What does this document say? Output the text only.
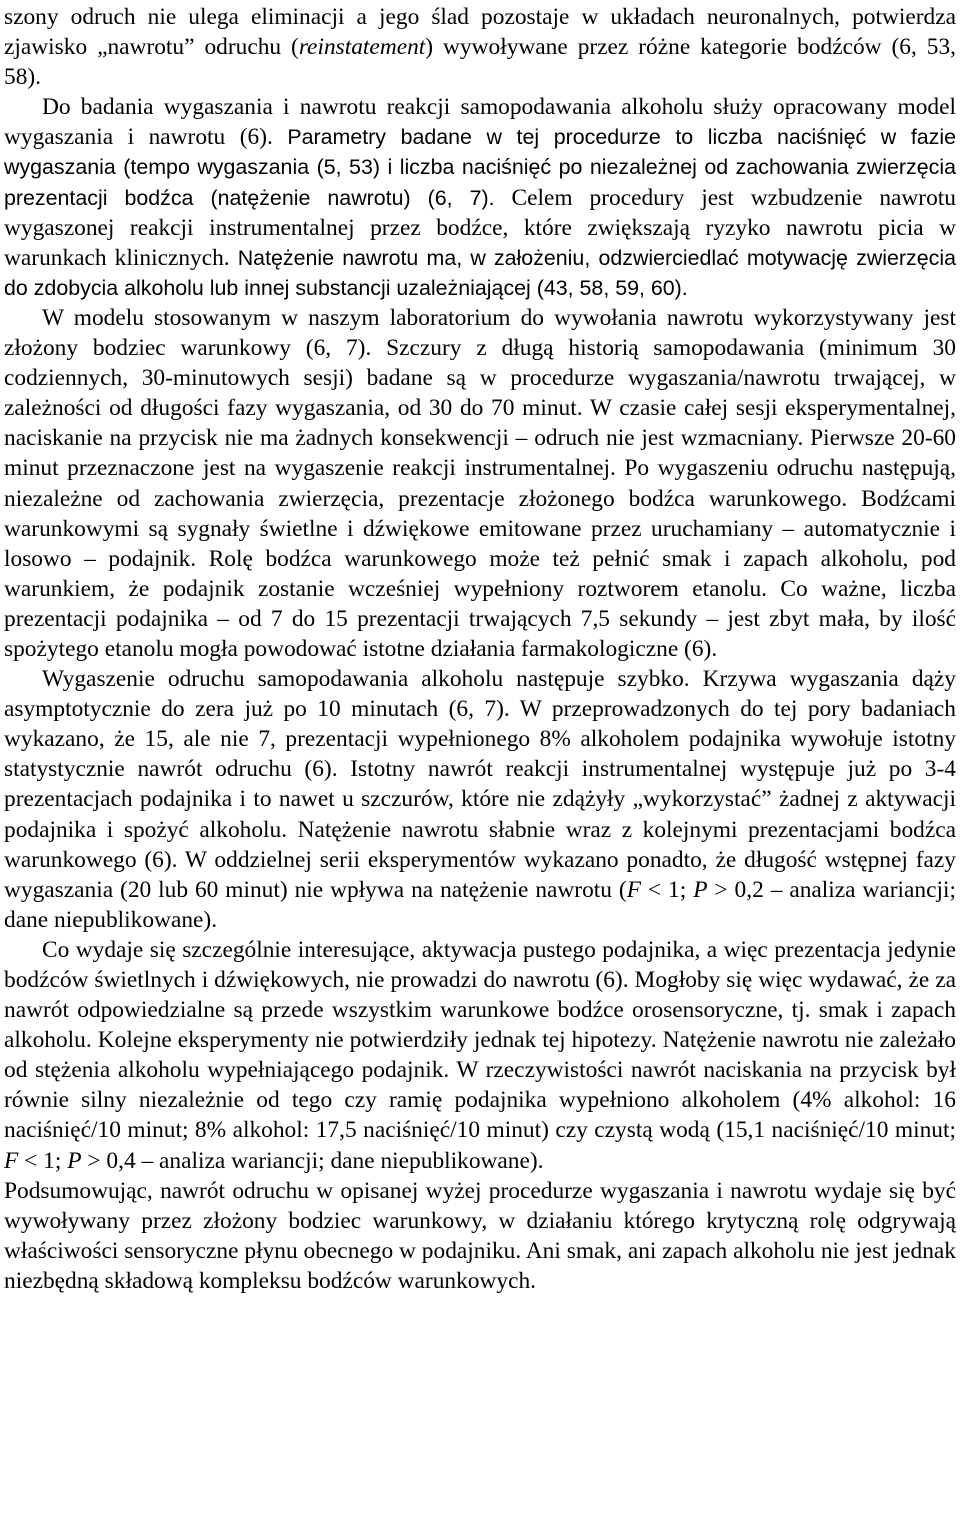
szony odruch nie ulega eliminacji a jego ślad pozostaje w układach neuronalnych, potwierdza zjawisko „nawrotu” odruchu (reinstatement) wywoływane przez różne kategorie bodźców (6, 53, 58).

Do badania wygaszania i nawrotu reakcji samopodawania alkoholu służy opracowany model wygaszania i nawrotu (6). Parametry badane w tej procedurze to liczba naciśnięć w fazie wygaszania (tempo wygaszania (5, 53) i liczba naciśnięć po niezależnej od zachowania zwierzęcia prezentacji bodźca (natężenie nawrotu) (6, 7). Celem procedury jest wzbudzenie nawrotu wygaszonej reakcji instrumentalnej przez bodźce, które zwiększają ryzyko nawrotu picia w warunkach klinicznych. Natężenie nawrotu ma, w założeniu, odzwierciedlać motywację zwierzęcia do zdobycia alkoholu lub innej substancji uzależniającej (43, 58, 59, 60).

W modelu stosowanym w naszym laboratorium do wywołania nawrotu wykorzystywany jest złożony bodziec warunkowy (6, 7). Szczury z długą historią samopodawania (minimum 30 codziennych, 30-minutowych sesji) badane są w procedurze wygaszania/nawrotu trwającej, w zależności od długości fazy wygaszania, od 30 do 70 minut. W czasie całej sesji eksperymentalnej, naciskanie na przycisk nie ma żadnych konsekwencji – odruch nie jest wzmacniany. Pierwsze 20-60 minut przeznaczone jest na wygaszenie reakcji instrumentalnej. Po wygaszeniu odruchu następują, niezależne od zachowania zwierzęcia, prezentacje złożonego bodźca warunkowego. Bodźcami warunkowymi są sygnały świetlne i dźwiękowe emitowane przez uruchamiany – automatycznie i losowo – podajnik. Rolę bodźca warunkowego może też pełnić smak i zapach alkoholu, pod warunkiem, że podajnik zostanie wcześniej wypełniony roztworem etanolu. Co ważne, liczba prezentacji podajnika – od 7 do 15 prezentacji trwających 7,5 sekundy – jest zbyt mała, by ilość spożytego etanolu mogła powodować istotne działania farmakologiczne (6).

Wygaszenie odruchu samopodawania alkoholu następuje szybko. Krzywa wygaszania dąży asymptotycznie do zera już po 10 minutach (6, 7). W przeprowadzonych do tej pory badaniach wykazano, że 15, ale nie 7, prezentacji wypełnionego 8% alkoholem podajnika wywołuje istotny statystycznie nawrót odruchu (6). Istotny nawrót reakcji instrumentalnej występuje już po 3-4 prezentacjach podajnika i to nawet u szczurów, które nie zdążyły „wykorzystać” żadnej z aktywacji podajnika i spożyć alkoholu. Natężenie nawrotu słabnie wraz z kolejnymi prezentacjami bodźca warunkowego (6). W oddzielnej serii eksperymentów wykazano ponadto, że długość wstępnej fazy wygaszania (20 lub 60 minut) nie wpływa na natężenie nawrotu (F < 1; P > 0,2 – analiza wariancji; dane niepublikowane).

Co wydaje się szczególnie interesujące, aktywacja pustego podajnika, a więc prezentacja jedynie bodźców świetlnych i dźwiękowych, nie prowadzi do nawrotu (6). Mogłoby się więc wydawać, że za nawrót odpowiedzialne są przede wszystkim warunkowe bodźce orosensoryczne, tj. smak i zapach alkoholu. Kolejne eksperymenty nie potwierdziły jednak tej hipotezy. Natężenie nawrotu nie zależało od stężenia alkoholu wypełniającego podajnik. W rzeczywistości nawrót naciskania na przycisk był równie silny niezależnie od tego czy ramię podajnika wypełniono alkoholem (4% alkohol: 16 naciśnięć/10 minut; 8% alkohol: 17,5 naciśnięć/10 minut) czy czystą wodą (15,1 naciśnięć/10 minut; F < 1; P > 0,4 – analiza wariancji; dane niepublikowane).

Podsumowując, nawrót odruchu w opisanej wyżej procedurze wygaszania i nawrotu wydaje się być wywoływany przez złożony bodziec warunkowy, w działaniu którego krytyczną rolę odgrywają właściwości sensoryczne płynu obecnego w podajniku. Ani smak, ani zapach alkoholu nie jest jednak niezbędną składową kompleksu bodźców warunkowych.
